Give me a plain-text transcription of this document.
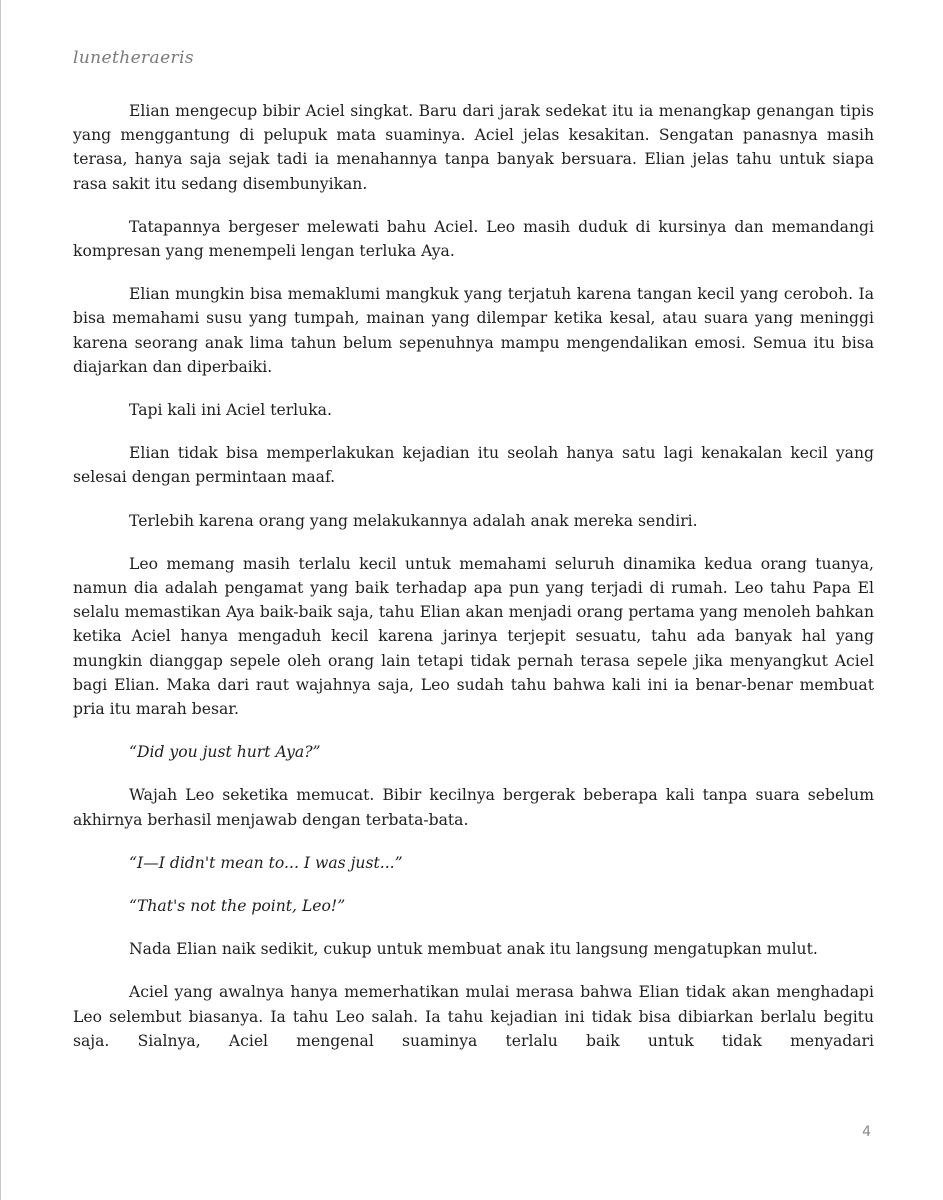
lunetheraeris

Elian mengecup bibir Aciel singkat. Baru dari jarak sedekat itu ia menangkap genangan tipis yang menggantung di pelupuk mata suaminya. Aciel jelas kesakitan. Sengatan panasnya masih terasa, hanya saja sejak tadi ia menahannya tanpa banyak bersuara. Elian jelas tahu untuk siapa rasa sakit itu sedang disembunyikan.

Tatapannya bergeser melewati bahu Aciel. Leo masih duduk di kursinya dan memandangi kompresan yang menempeli lengan terluka Aya.

Elian mungkin bisa memaklumi mangkuk yang terjatuh karena tangan kecil yang ceroboh. Ia bisa memahami susu yang tumpah, mainan yang dilempar ketika kesal, atau suara yang meninggi karena seorang anak lima tahun belum sepenuhnya mampu mengendalikan emosi. Semua itu bisa diajarkan dan diperbaiki.

Tapi kali ini Aciel terluka.

Elian tidak bisa memperlakukan kejadian itu seolah hanya satu lagi kenakalan kecil yang selesai dengan permintaan maaf.

Terlebih karena orang yang melakukannya adalah anak mereka sendiri.

Leo memang masih terlalu kecil untuk memahami seluruh dinamika kedua orang tuanya, namun dia adalah pengamat yang baik terhadap apa pun yang terjadi di rumah. Leo tahu Papa El selalu memastikan Aya baik-baik saja, tahu Elian akan menjadi orang pertama yang menoleh bahkan ketika Aciel hanya mengaduh kecil karena jarinya terjepit sesuatu, tahu ada banyak hal yang mungkin dianggap sepele oleh orang lain tetapi tidak pernah terasa sepele jika menyangkut Aciel bagi Elian. Maka dari raut wajahnya saja, Leo sudah tahu bahwa kali ini ia benar-benar membuat pria itu marah besar.

“Did you just hurt Aya?”

Wajah Leo seketika memucat. Bibir kecilnya bergerak beberapa kali tanpa suara sebelum akhirnya berhasil menjawab dengan terbata-bata.

“I—I didn't mean to... I was just...”

“That's not the point, Leo!”

Nada Elian naik sedikit, cukup untuk membuat anak itu langsung mengatupkan mulut.

Aciel yang awalnya hanya memerhatikan mulai merasa bahwa Elian tidak akan menghadapi Leo selembut biasanya. Ia tahu Leo salah. Ia tahu kejadian ini tidak bisa dibiarkan berlalu begitu saja. Sialnya, Aciel mengenal suaminya terlalu baik untuk tidak menyadari

4
